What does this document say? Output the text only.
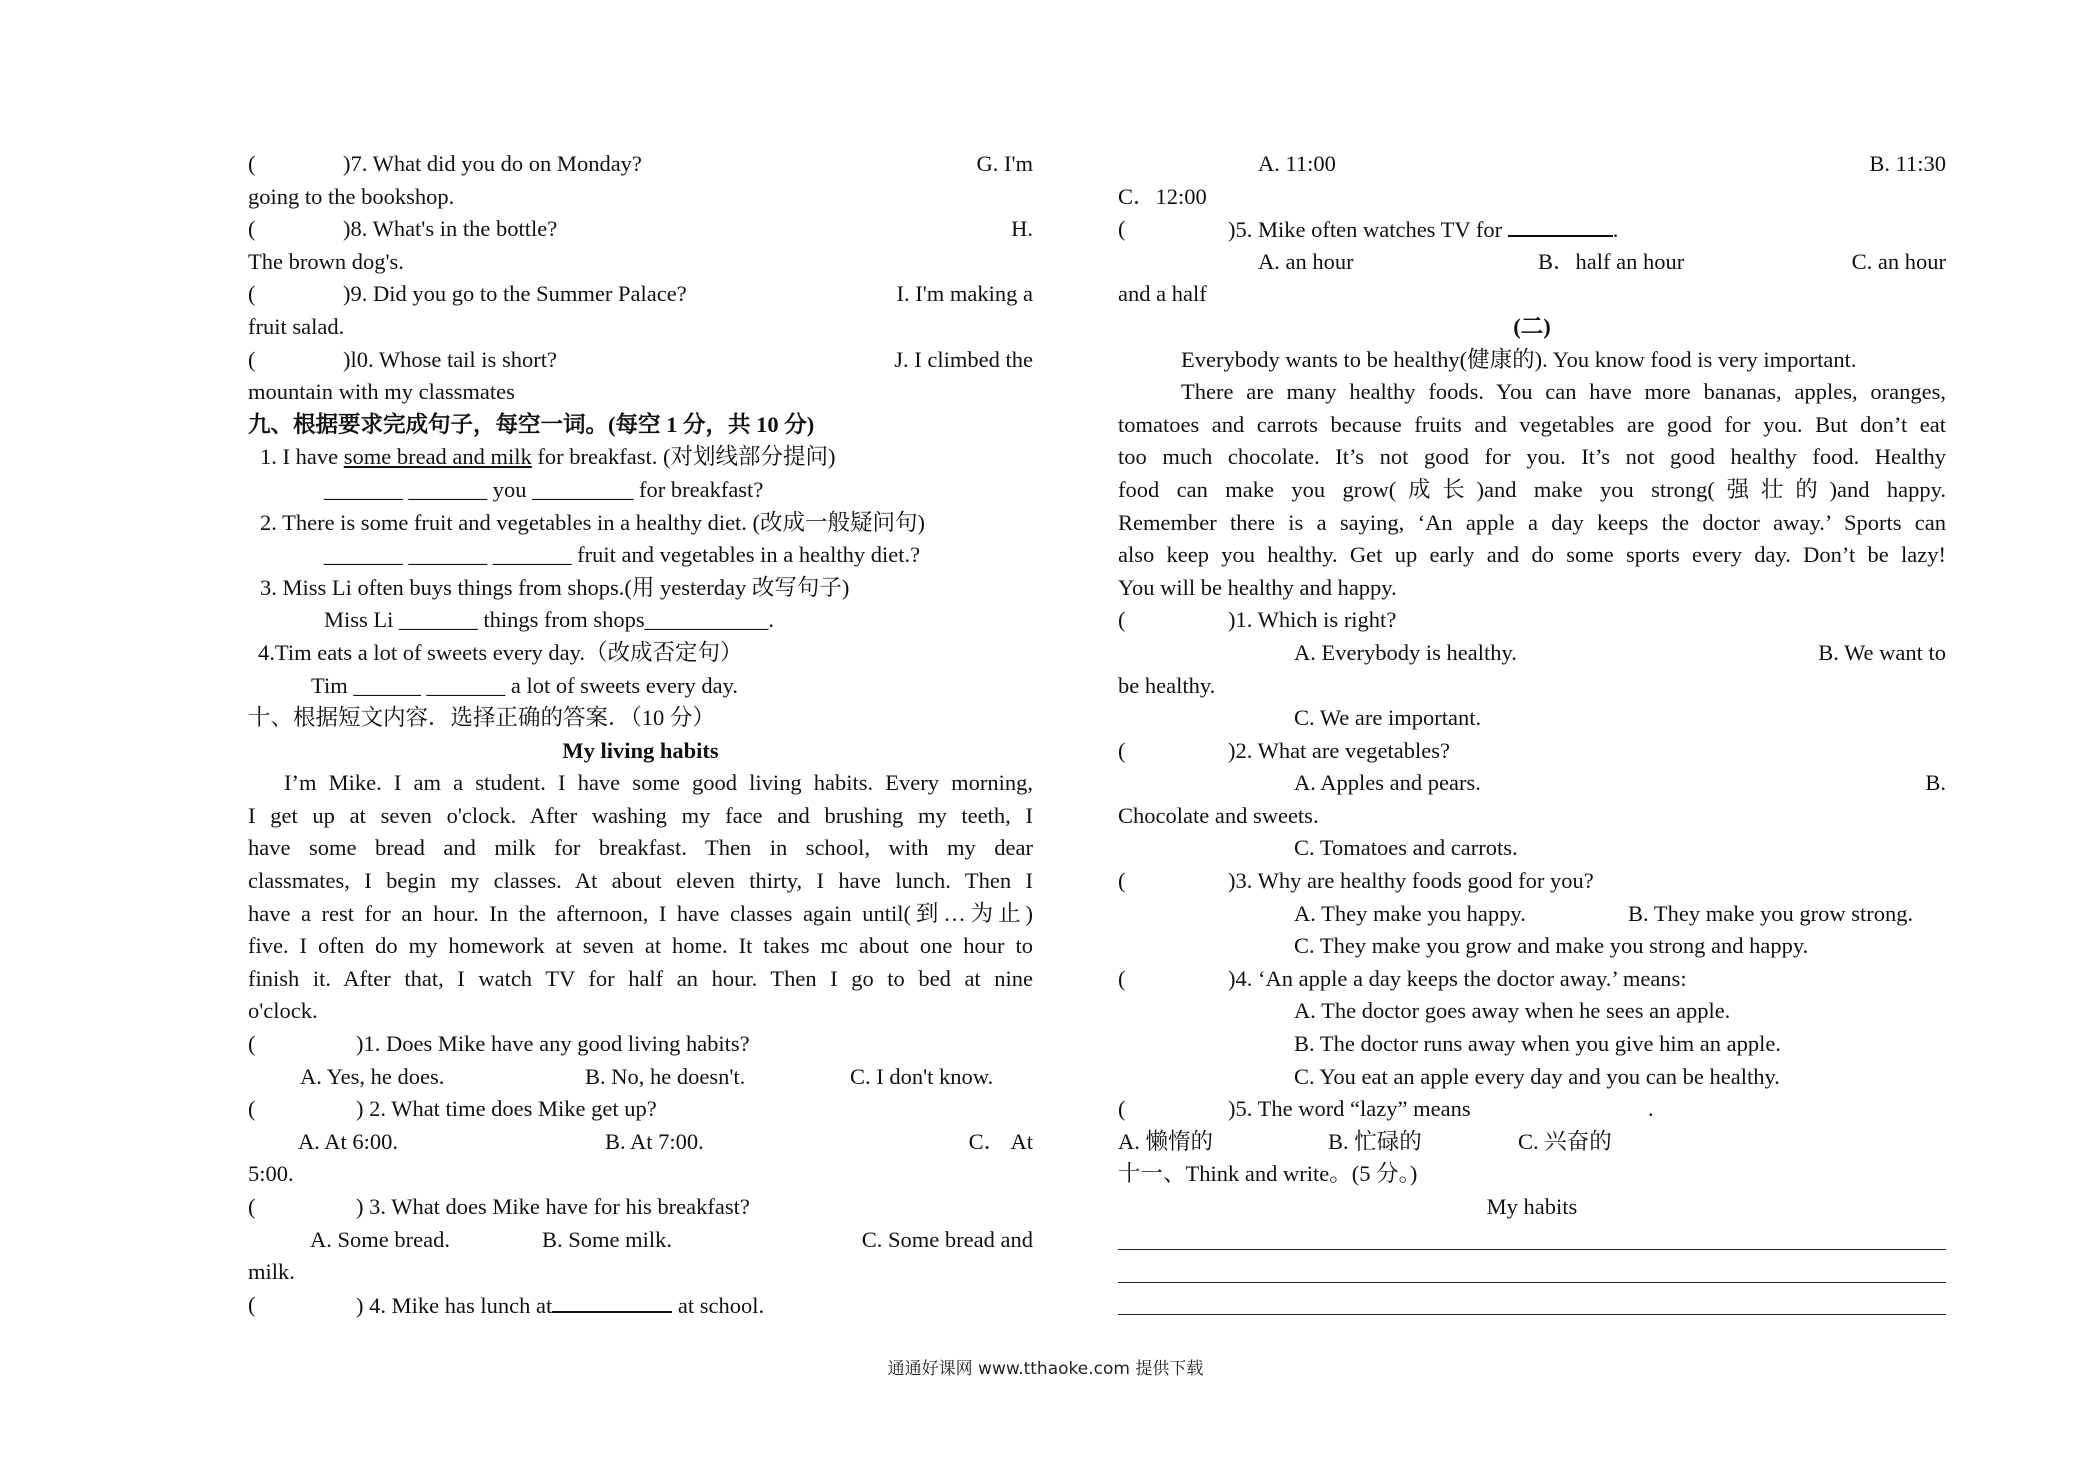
(	)7. What did you do on Monday?	G. I'm
going to the bookshop.
(	)8. What's in the bottle?	H.
The brown dog's.
(	)9. Did you go to the Summer Palace?	I. I'm making a
fruit salad.
(	)l0. Whose tail is short?	J. I climbed the
mountain with my classmates
九、根据要求完成句子，每空一词。(每空 1 分，共 10 分)
1. I have some bread and milk for breakfast. (对划线部分提问)
_______ _______ you _________ for breakfast?
2. There is some fruit and vegetables in a healthy diet. (改成一般疑问句)
_______ _______ _______ fruit and vegetables in a healthy diet.?
3. Miss Li often buys things from shops.(用 yesterday 改写句子)
Miss Li _______ things from shops___________.
4.Tim eats a lot of sweets every day.（改成否定句）
Tim ______ _______ a lot of sweets every day.
十、根据短文内容．选择正确的答案．（10 分）
My living habits
I’m Mike. I am a student. I have some good living habits. Every morning,
I get up at seven o'clock. After washing my face and brushing my teeth, I
have some bread and milk for breakfast. Then in school, with my dear
classmates, I begin my classes. At about eleven thirty, I have lunch. Then I
have a rest for an hour. In the afternoon, I have classes again until(到…为止)
five. I often do my homework at seven at home. It takes mc about one hour to
finish it. After that, I watch TV for half an hour. Then I go to bed at nine
o'clock.
(	)1. Does Mike have any good living habits?
A. Yes, he does.	B. No, he doesn't.	C. I don't know.
(	) 2. What time does Mike get up?
A. At 6:00.	B. At 7:00.	C． At
5:00.
(	) 3. What does Mike have for his breakfast?
A. Some bread.	B. Some milk.	C. Some bread and
milk.
(	) 4. Mike has lunch at	at school.
A. 11:00	B. 11:30
C．12:00
(	)5. Mike often watches TV for	.
A. an hour	B．half an hour	C. an hour
and a half
(二)
Everybody wants to be healthy(健康的). You know food is very important.
There are many healthy foods. You can have more bananas, apples, oranges,
tomatoes and carrots because fruits and vegetables are good for you. But don’t eat
too much chocolate. It’s not good for you. It’s not good healthy food. Healthy
food can make you grow(成长)and make you strong(强壮的)and happy.
Remember there is a saying, ‘An apple a day keeps the doctor away.’ Sports can
also keep you healthy. Get up early and do some sports every day. Don’t be lazy!
You will be healthy and happy.
(	)1. Which is right?
A. Everybody is healthy.	B. We want to
be healthy.
C. We are important.
(	)2. What are vegetables?
A. Apples and pears.	B.
Chocolate and sweets.
C. Tomatoes and carrots.
(	)3. Why are healthy foods good for you?
A. They make you happy.	B. They make you grow strong.
C. They make you grow and make you strong and happy.
(	)4. ‘An apple a day keeps the doctor away.’ means:
A. The doctor goes away when he sees an apple.
B. The doctor runs away when you give him an apple.
C. You eat an apple every day and you can be healthy.
(	)5. The word “lazy” means	.
A. 懒惰的	B. 忙碌的	C. 兴奋的
十一、Think and write。(5 分。)
My habits
通通好课网 www.tthaoke.com 提供下载
